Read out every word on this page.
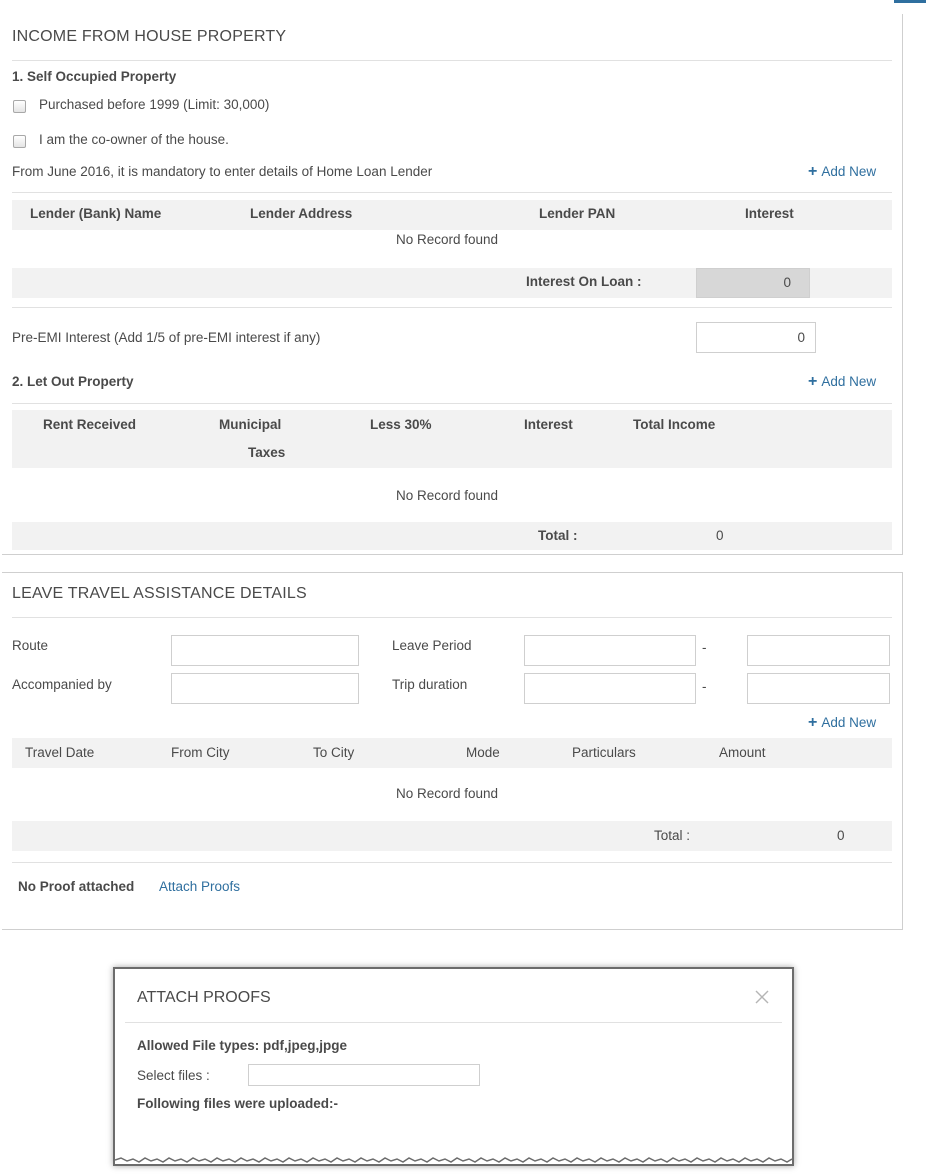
INCOME FROM HOUSE PROPERTY
1. Self Occupied Property
Purchased before 1999 (Limit: 30,000)
I am the co-owner of the house.
From June 2016, it is mandatory to enter details of Home Loan Lender	+ Add New
Lender (Bank) Name	Lender Address	Lender PAN	Interest
No Record found
Interest On Loan :	0
Pre-EMI Interest (Add 1/5 of pre-EMI interest if any)	0
2. Let Out Property	+ Add New
Rent Received	Municipal
Taxes
Less 30%	Interest	Total Income
No Record found
Total :	0
LEAVE TRAVEL ASSISTANCE DETAILS
Route	Leave Period	-
Accompanied by	Trip duration	-
+ Add New
Travel Date	From City	To City	Mode	Particulars	Amount
No Record found
Total :	0
No Proof attached Attach Proofs
ATTACH PROOFS
Allowed File types: pdf,jpeg,jpge
Select files :
Following files were uploaded:-
